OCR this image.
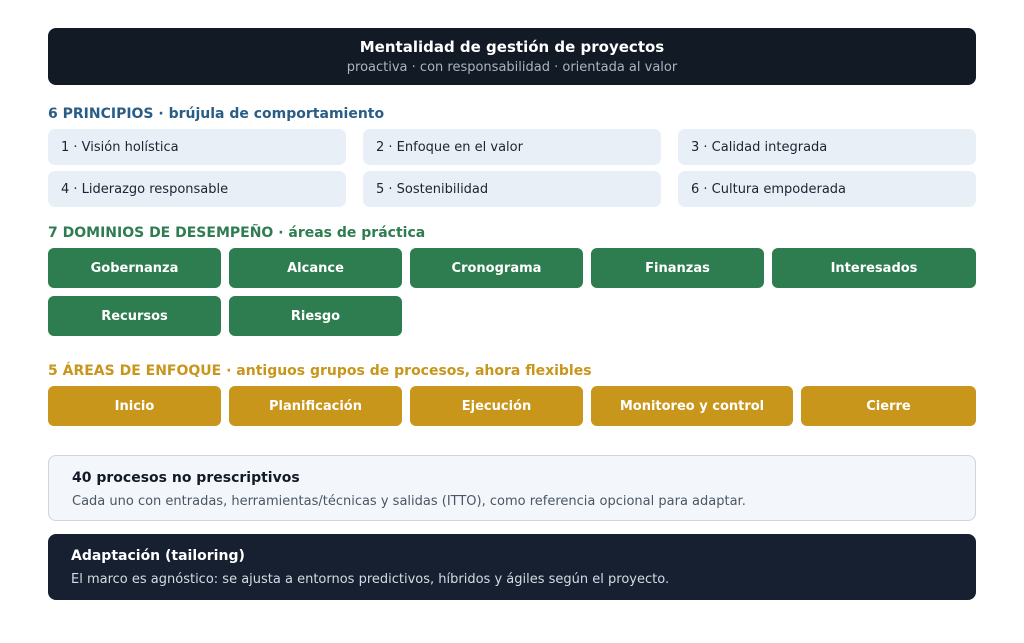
Mentalidad de gestión de proyectos
proactiva · con responsabilidad · orientada al valor
6 PRINCIPIOS · brújula de comportamiento
1 · Visión holística	2 · Enfoque en el valor	3 · Calidad integrada
4 · Liderazgo responsable	5 · Sostenibilidad	6 · Cultura empoderada
7 DOMINIOS DE DESEMPEÑO · áreas de práctica
Gobernanza	Alcance	Cronograma	Finanzas	Interesados
Recursos	Riesgo
5 ÁREAS DE ENFOQUE · antiguos grupos de procesos, ahora flexibles
Inicio	Planificación	Ejecución	Monitoreo y control	Cierre
40 procesos no prescriptivos
Cada uno con entradas, herramientas/técnicas y salidas (ITTO), como referencia opcional para adaptar.
Adaptación (tailoring)
El marco es agnóstico: se ajusta a entornos predictivos, híbridos y ágiles según el proyecto.
